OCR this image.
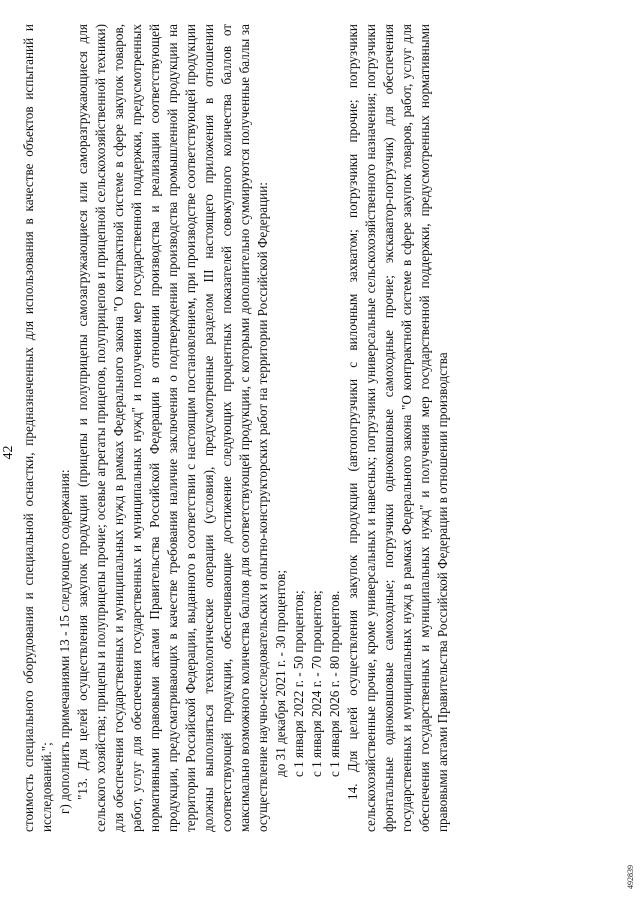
42 стоимость специального оборудования и специальной оснастки, предназначенных для использования в качестве объектов испытаний и исследований."; г) дополнить примечаниями 13 - 15 следующего содержания: "13. Для целей осуществления закупок продукции (прицепы и полуприцепы самозагружающиеся или саморазгружающиеся для сельского хозяйства; прицепы и полуприцепы прочие; осевые агрегаты прицепов, полуприцепов и прицепной сельскохозяйственной техники) для обеспечения государственных и муниципальных нужд в рамках Федерального закона "О контрактной системе в сфере закупок товаров, работ, услуг для обеспечения государственных и муниципальных нужд" и получения мер государственной поддержки, предусмотренных нормативными правовыми актами Правительства Российской Федерации в отношении производства и реализации соответствующей продукции, предусматривающих в качестве требования наличие заключения о подтверждении производства промышленной продукции на территории Российской Федерации, выданного в соответствии с настоящим постановлением, при производстве соответствующей продукции должны выполняться технологические операции (условия), предусмотренные разделом III настоящего приложения в отношении соответствующей продукции, обеспечивающие достижение следующих процентных показателей совокупного количества баллов от максимально возможного количества баллов для соответствующей продукции, с которыми дополнительно суммируются полученные баллы за осуществление научно-исследовательских и опытно-конструкторских работ на территории Российской Федерации: до 31 декабря 2021 г. - 30 процентов; с 1 января 2022 г. - 50 процентов; с 1 января 2024 г. - 70 процентов; с 1 января 2026 г. - 80 процентов. 14. Для целей осуществления закупок продукции (автопогрузчики с вилочным захватом; погрузчики прочие; погрузчики сельскохозяйственные прочие, кроме универсальных и навесных; погрузчики универсальные сельскохозяйственного назначения; погрузчики фронтальные одноковшовые самоходные; погрузчики одноковшовые самоходные прочие; экскаватор-погрузчик) для обеспечения государственных и муниципальных нужд в рамках Федерального закона "О контрактной системе в сфере закупок товаров, работ, услуг для обеспечения государственных и муниципальных нужд" и получения мер государственной поддержки, предусмотренных нормативными правовыми актами Правительства Российской Федерации в отношении производства

492839
